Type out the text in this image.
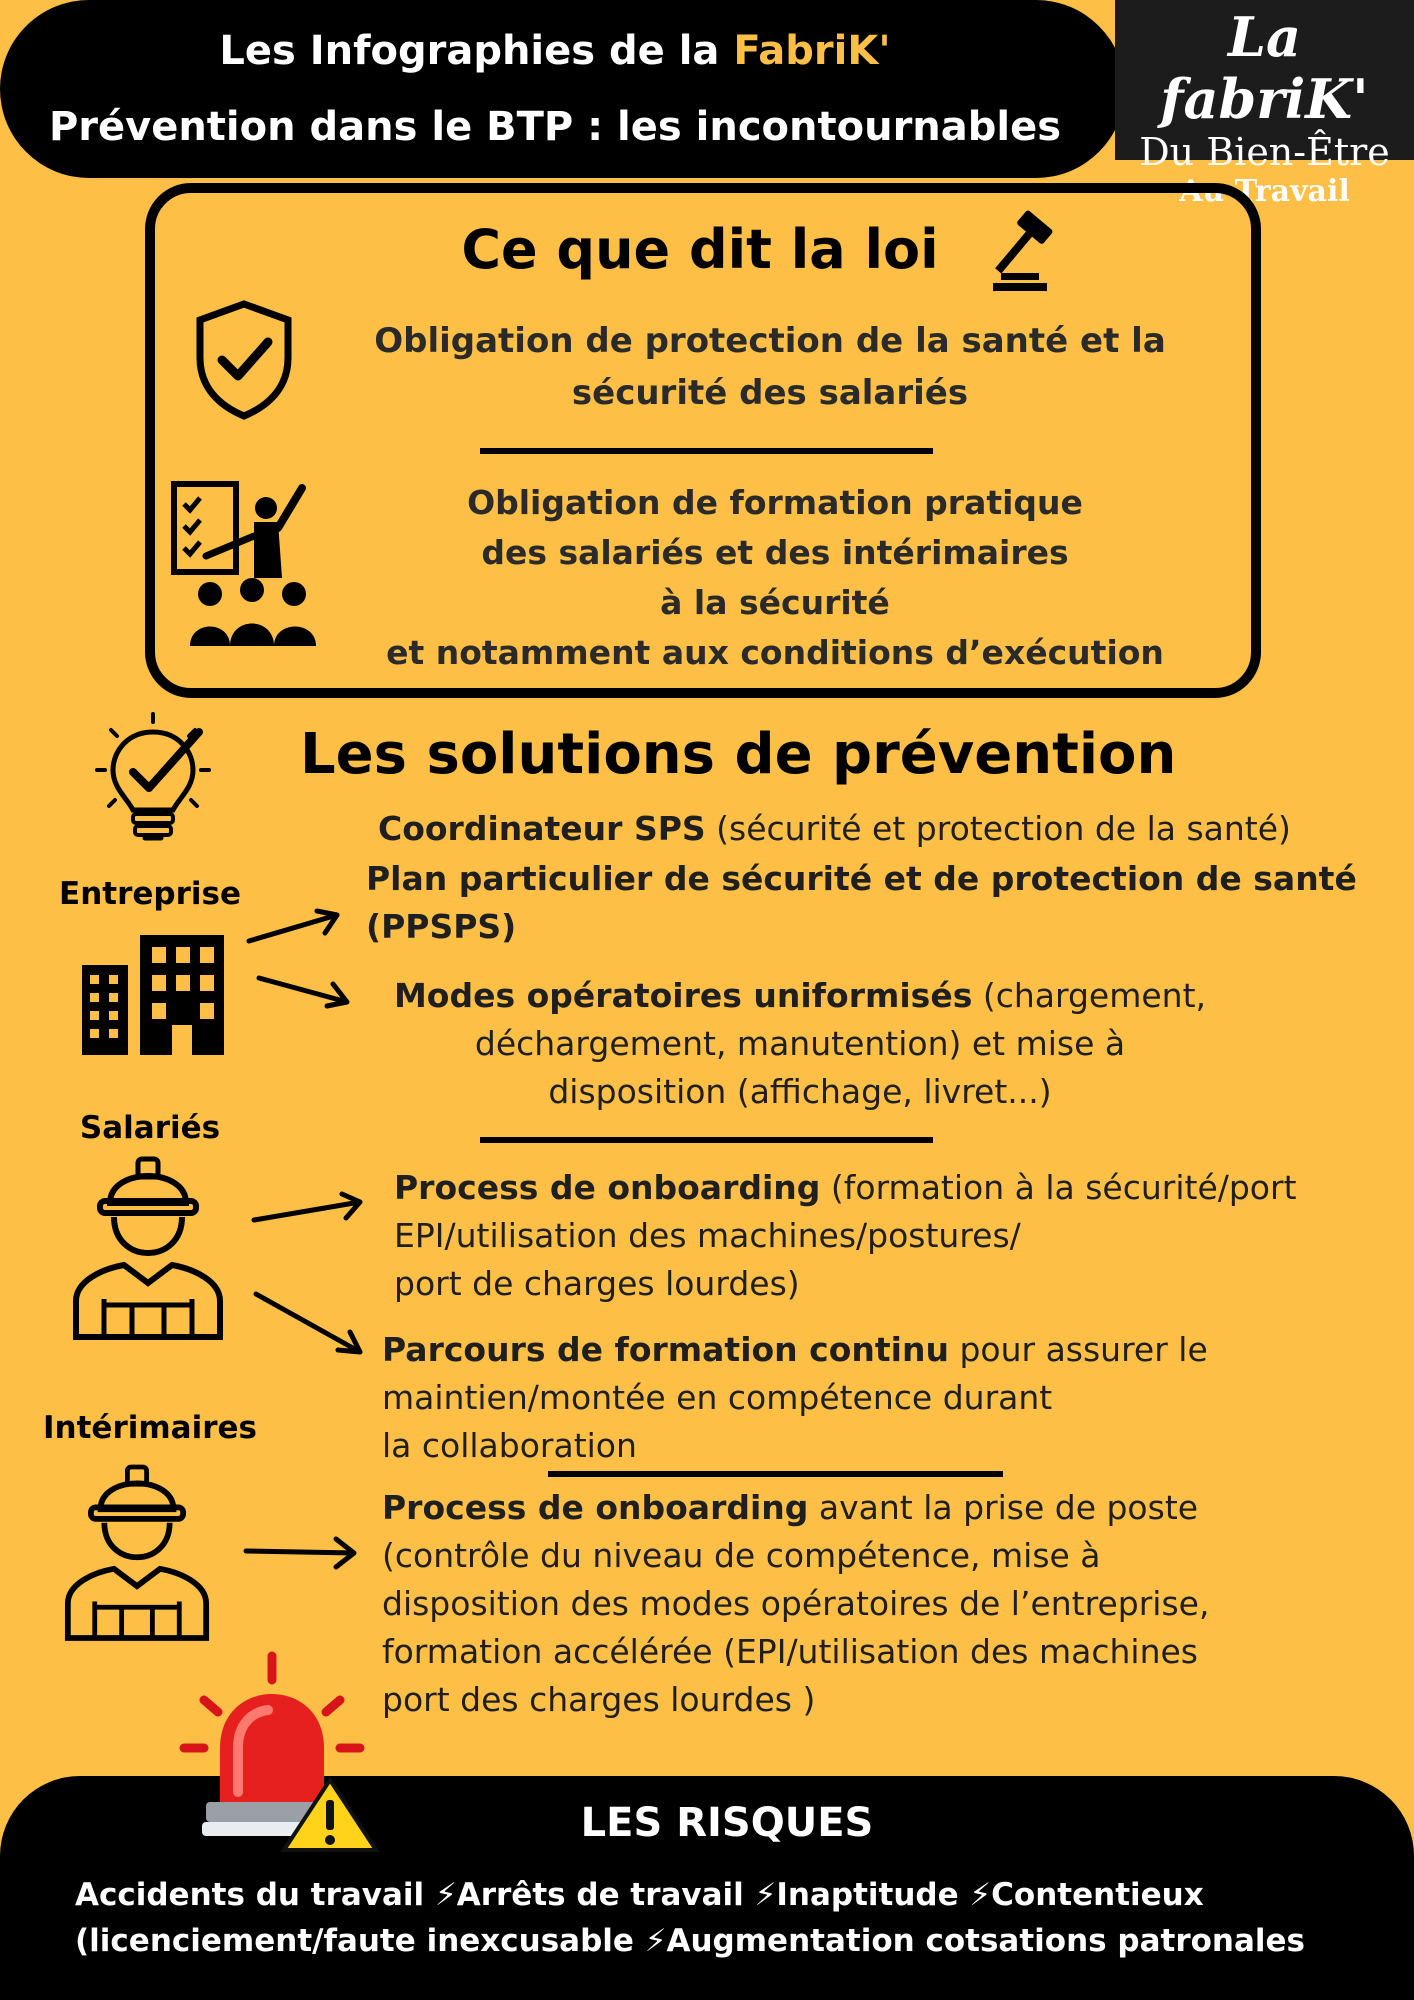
Les Infographies de la FabriK'
Prévention dans le BTP : les incontournables
La fabriK'
Du Bien-Être
Au Travail
Ce que dit la loi
Obligation de protection de la santé et la
sécurité des salariés
Obligation de formation pratique
des salariés et des intérimaires
à la sécurité
et notamment aux conditions d’exécution
Les solutions de prévention
Entreprise
Coordinateur SPS (sécurité et protection de la santé)
Plan particulier de sécurité et de protection de santé
(PPSPS)
Modes opératoires uniformisés (chargement,
déchargement, manutention) et mise à
disposition (affichage, livret...)
Salariés
Process de onboarding (formation à la sécurité/port
EPI/utilisation des machines/postures/
port de charges lourdes)
Parcours de formation continu pour assurer le
maintien/montée en compétence durant
la collaboration
Intérimaires
Process de onboarding avant la prise de poste
(contrôle du niveau de compétence, mise à
disposition des modes opératoires de l’entreprise,
formation accélérée (EPI/utilisation des machines
port des charges lourdes )
LES RISQUES
Accidents du travail ⚡Arrêts de travail ⚡Inaptitude ⚡Contentieux
(licenciement/faute inexcusable ⚡Augmentation cotsations patronales
